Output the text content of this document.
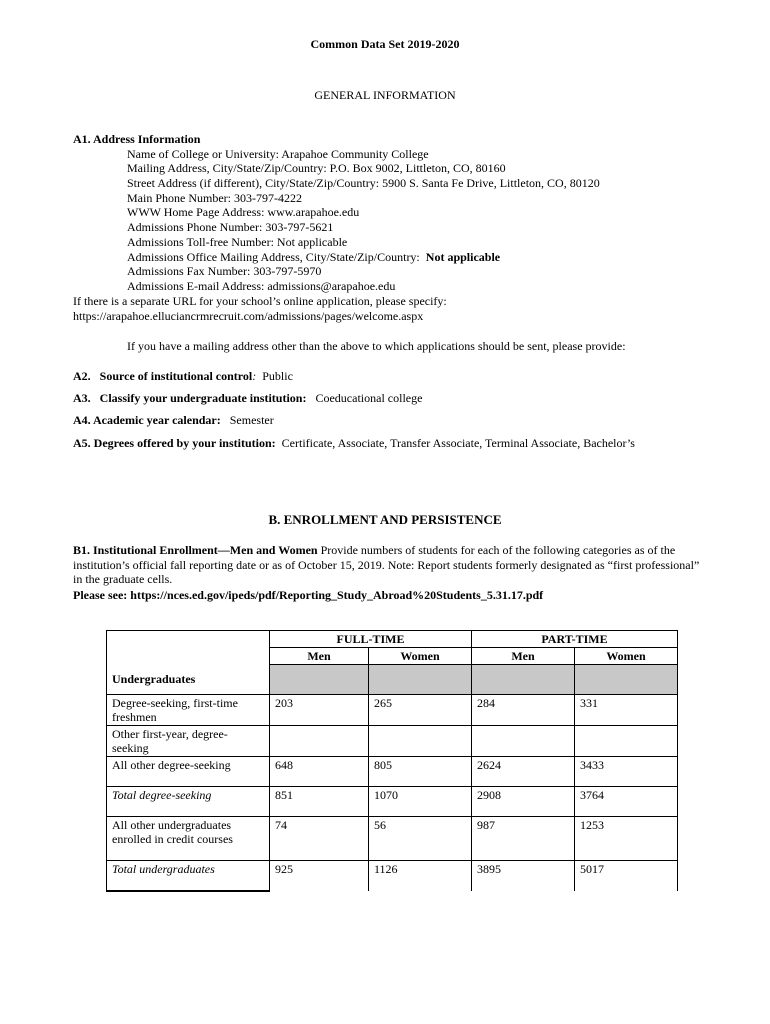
Common Data Set 2019-2020
GENERAL INFORMATION
A1. Address Information
Name of College or University: Arapahoe Community College
Mailing Address, City/State/Zip/Country: P.O. Box 9002, Littleton, CO, 80160
Street Address (if different), City/State/Zip/Country: 5900 S. Santa Fe Drive, Littleton, CO, 80120
Main Phone Number: 303-797-4222
WWW Home Page Address: www.arapahoe.edu
Admissions Phone Number: 303-797-5621
Admissions Toll-free Number: Not applicable
Admissions Office Mailing Address, City/State/Zip/Country:  Not applicable
Admissions Fax Number: 303-797-5970
Admissions E-mail Address: admissions@arapahoe.edu
If there is a separate URL for your school’s online application, please specify:
https://arapahoe.elluciancrmrecruit.com/admissions/pages/welcome.aspx
If you have a mailing address other than the above to which applications should be sent, please provide:
A2.   Source of institutional control:  Public
A3.   Classify your undergraduate institution:   Coeducational college
A4. Academic year calendar:   Semester
A5. Degrees offered by your institution:  Certificate, Associate, Transfer Associate, Terminal Associate, Bachelor’s
B. ENROLLMENT AND PERSISTENCE
B1. Institutional Enrollment—Men and Women Provide numbers of students for each of the following categories as of the institution’s official fall reporting date or as of October 15, 2019. Note: Report students formerly designated as “first professional” in the graduate cells.
Please see: https://nces.ed.gov/ipeds/pdf/Reporting_Study_Abroad%20Students_5.31.17.pdf
	FULL-TIME		PART-TIME	
	Men	Women	Men	Women
Undergraduates				
Degree-seeking, first-time freshmen	203	265	284	331
Other first-year, degree-seeking				
All other degree-seeking	648	805	2624	3433
Total degree-seeking	851	1070	2908	3764
All other undergraduates enrolled in credit courses	74	56	987	1253
Total undergraduates	925	1126	3895	5017
